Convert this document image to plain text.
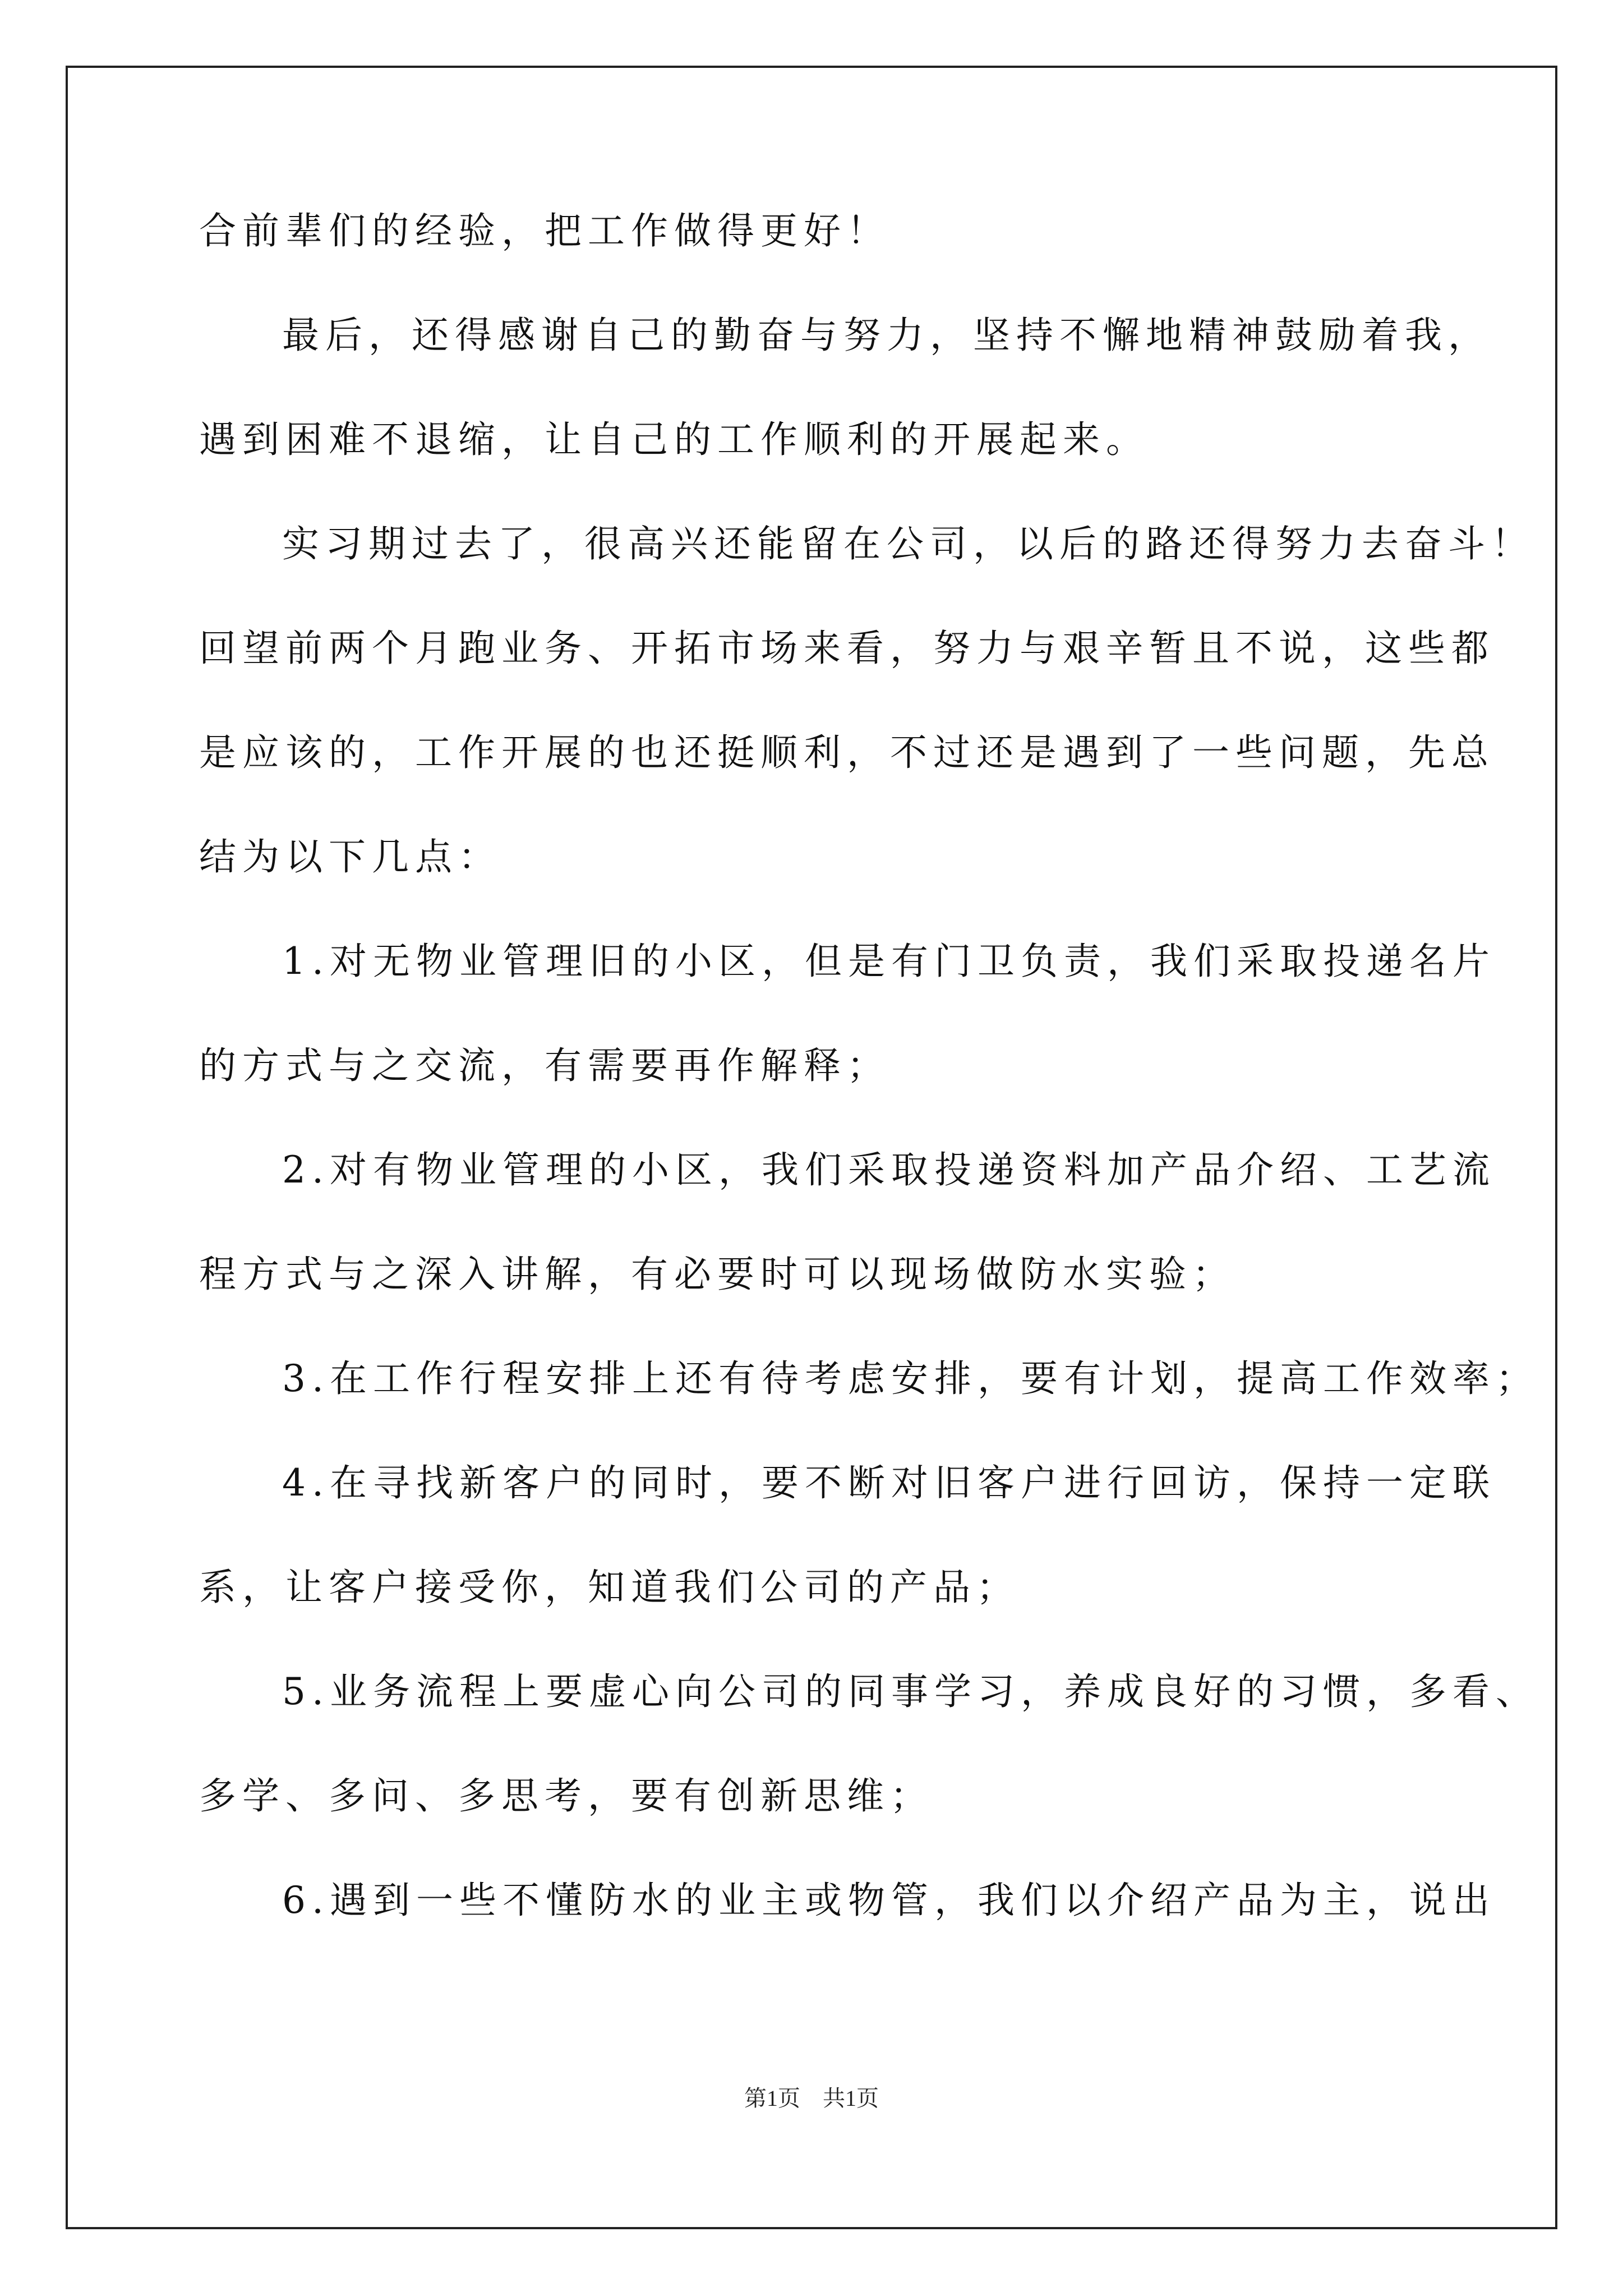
合前辈们的经验，把工作做得更好！
最后，还得感谢自己的勤奋与努力，坚持不懈地精神鼓励着我，
遇到困难不退缩，让自己的工作顺利的开展起来。
实习期过去了，很高兴还能留在公司，以后的路还得努力去奋斗！
回望前两个月跑业务、开拓市场来看，努力与艰辛暂且不说，这些都
是应该的，工作开展的也还挺顺利，不过还是遇到了一些问题，先总
结为以下几点：
1.对无物业管理旧的小区，但是有门卫负责，我们采取投递名片
的方式与之交流，有需要再作解释；
2.对有物业管理的小区，我们采取投递资料加产品介绍、工艺流
程方式与之深入讲解，有必要时可以现场做防水实验；
3.在工作行程安排上还有待考虑安排，要有计划，提高工作效率；
4.在寻找新客户的同时，要不断对旧客户进行回访，保持一定联
系，让客户接受你，知道我们公司的产品；
5.业务流程上要虚心向公司的同事学习，养成良好的习惯，多看、
多学、多问、多思考，要有创新思维；
6.遇到一些不懂防水的业主或物管，我们以介绍产品为主，说出
第1页　共1页
